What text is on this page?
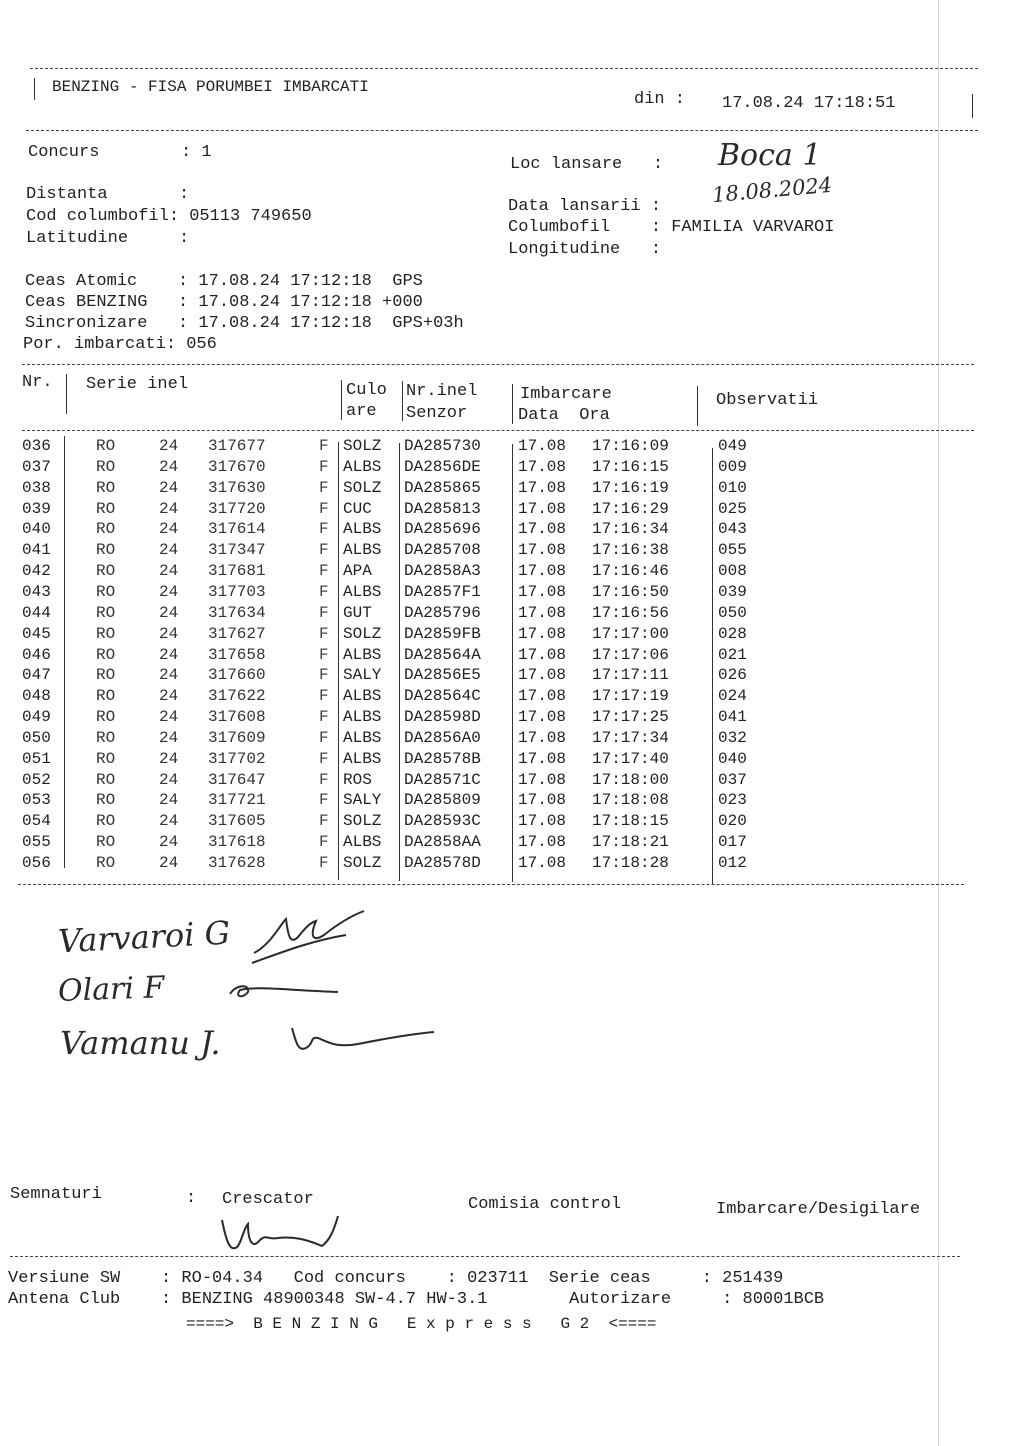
BENZING - FISA PORUMBEI IMBARCATI
din : 17.08.24 17:18:51
Concurs        : 1
Distanta       :
Cod columbofil: 05113 749650
Latitudine     :
Loc lansare   :
Data lansarii :
Columbofil    : FAMILIA VARVAROI
Longitudine   :
Boca 1
18.08.2024
Ceas Atomic    : 17.08.24 17:12:18  GPS
Ceas BENZING   : 17.08.24 17:12:18 +000
Sincronizare   : 17.08.24 17:12:18  GPS+03h
Por. imbarcati: 056
Nr. Serie inel	Culo
are
Nr.inel
Senzor
Imbarcare
Data  Ora
Observatii
036	RO	24 317677	F SOLZ DA285730 17.08 17:16:09	049
037	RO	24 317670	F ALBS DA2856DE 17.08 17:16:15	009
038	RO	24 317630	F SOLZ DA285865 17.08 17:16:19	010
039	RO	24 317720	F CUC DA285813 17.08 17:16:29	025
040	RO	24 317614	F ALBS DA285696 17.08 17:16:34	043
041	RO	24 317347	F ALBS DA285708 17.08 17:16:38	055
042	RO	24 317681	F APA DA2858A3 17.08 17:16:46	008
043	RO	24 317703	F ALBS DA2857F1 17.08 17:16:50	039
044	RO	24 317634	F GUT DA285796 17.08 17:16:56	050
045	RO	24 317627	F SOLZ DA2859FB 17.08 17:17:00	028
046	RO	24 317658	F ALBS DA28564A 17.08 17:17:06	021
047	RO	24 317660	F SALY DA2856E5 17.08 17:17:11	026
048	RO	24 317622	F ALBS DA28564C 17.08 17:17:19	024
049	RO	24 317608	F ALBS DA28598D 17.08 17:17:25	041
050	RO	24 317609	F ALBS DA2856A0 17.08 17:17:34	032
051	RO	24 317702	F ALBS DA28578B 17.08 17:17:40	040
052	RO	24 317647	F ROS DA28571C 17.08 17:18:00	037
053	RO	24 317721	F SALY DA285809 17.08 17:18:08	023
054	RO	24 317605	F SOLZ DA28593C 17.08 17:18:15	020
055	RO	24 317618	F ALBS DA2858AA 17.08 17:18:21	017
056	RO	24 317628	F SOLZ DA28578D 17.08 17:18:28	012
Varvaroi G
Olari F
Vamanu J.
Semnaturi	: Crescator	Comisia control	Imbarcare/Desigilare
Versiune SW    : RO-04.34   Cod concurs    : 023711  Serie ceas     : 251439
Antena Club    : BENZING 48900348 SW-4.7 HW-3.1        Autorizare     : 80001BCB
====>  B E N Z I N G   E x p r e s s   G 2  <====
